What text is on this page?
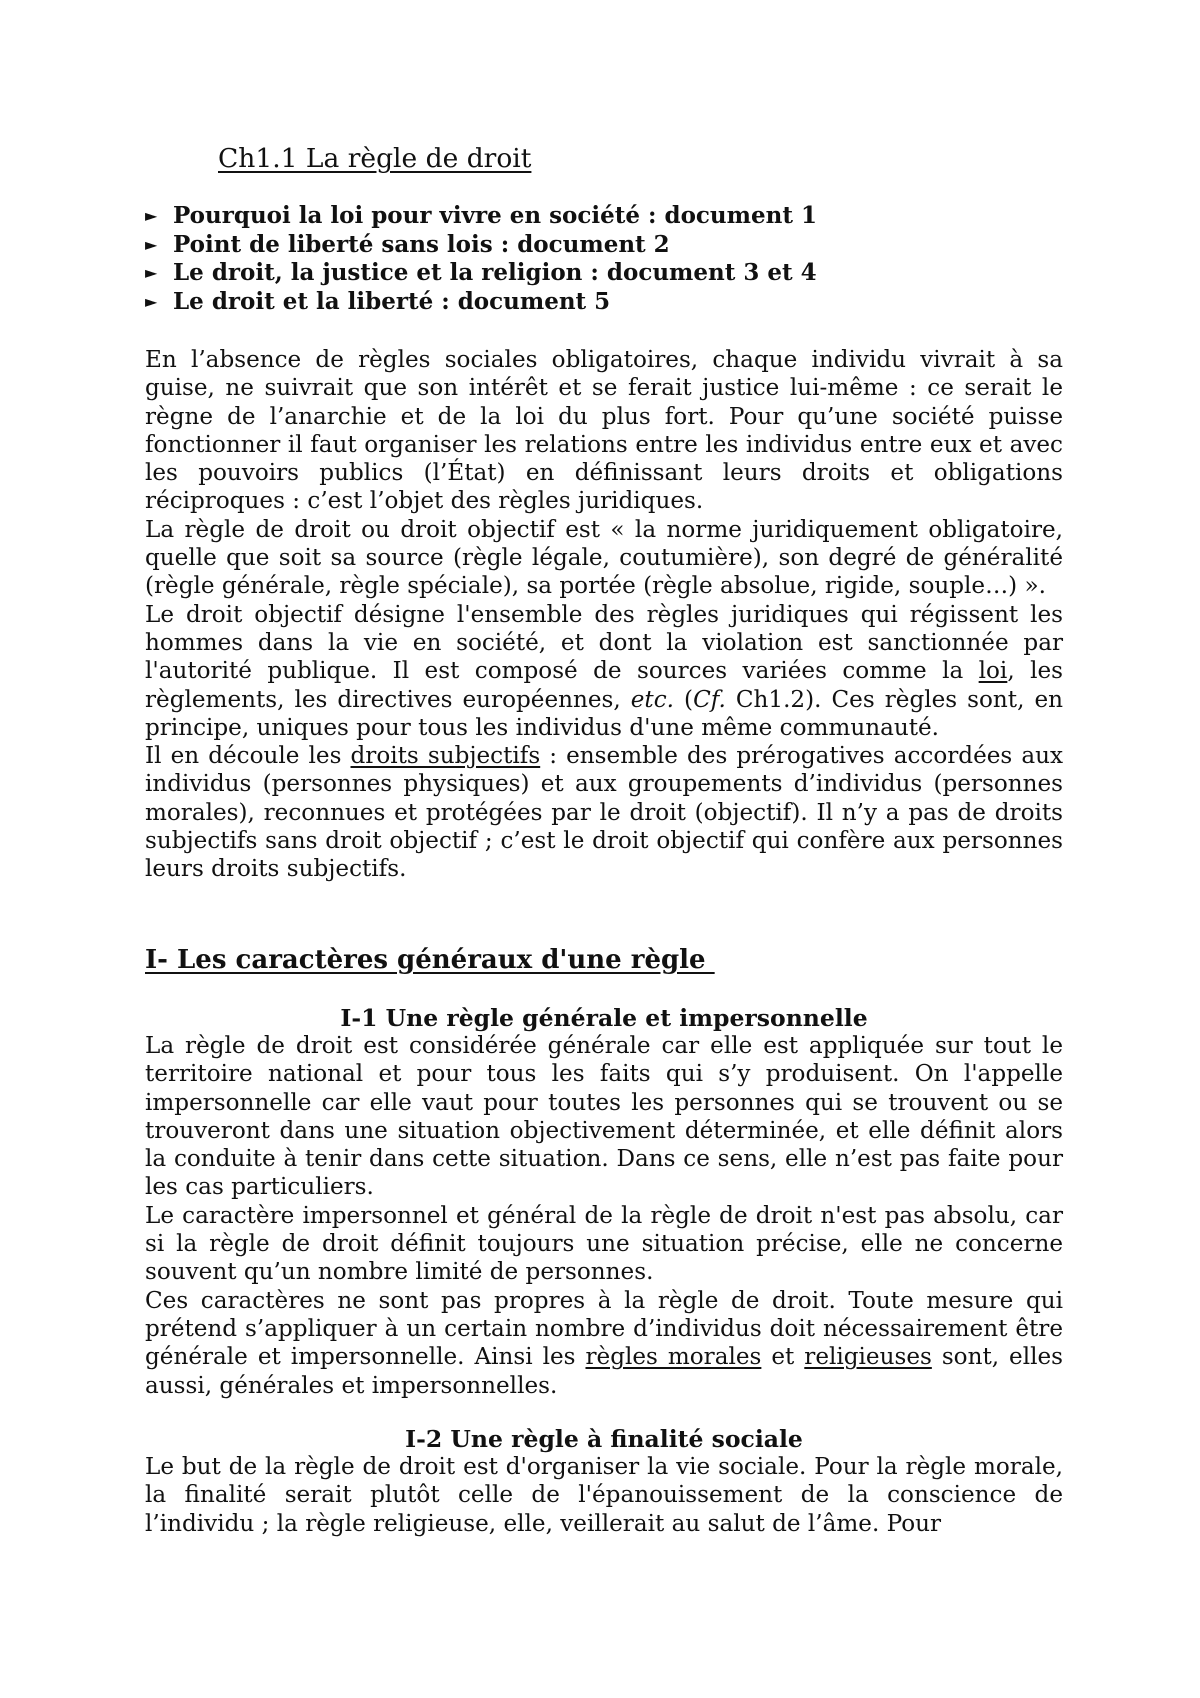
Ch1.1 La règle de droit
► Pourquoi la loi pour vivre en société : document 1
► Point de liberté sans lois : document 2
► Le droit, la justice et la religion : document 3 et 4
► Le droit et la liberté : document 5

En l’absence de règles sociales obligatoires, chaque individu vivrait à sa guise, ne suivrait que son intérêt et se ferait justice lui-même : ce serait le règne de l’anarchie et de la loi du plus fort. Pour qu’une société puisse fonctionner il faut organiser les relations entre les individus entre eux et avec les pouvoirs publics (l’État) en définissant leurs droits et obligations réciproques : c’est l’objet des règles juridiques.

La règle de droit ou droit objectif est « la norme juridiquement obligatoire, quelle que soit sa source (règle légale, coutumière), son degré de généralité (règle générale, règle spéciale), sa portée (règle absolue, rigide, souple…) ».

Le droit objectif désigne l'ensemble des règles juridiques qui régissent les hommes dans la vie en société, et dont la violation est sanctionnée par l'autorité publique. Il est composé de sources variées comme la loi, les règlements, les directives européennes, etc. (Cf. Ch1.2). Ces règles sont, en principe, uniques pour tous les individus d'une même communauté.

Il en découle les droits subjectifs : ensemble des prérogatives accordées aux individus (personnes physiques) et aux groupements d’individus (personnes morales), reconnues et protégées par le droit (objectif). Il n’y a pas de droits subjectifs sans droit objectif ; c’est le droit objectif qui confère aux personnes leurs droits subjectifs.

I- Les caractères généraux d'une règle
I-1 Une règle générale et impersonnelle

La règle de droit est considérée générale car elle est appliquée sur tout le territoire national et pour tous les faits qui s’y produisent. On l'appelle impersonnelle car elle vaut pour toutes les personnes qui se trouvent ou se trouveront dans une situation objectivement déterminée, et elle définit alors la conduite à tenir dans cette situation. Dans ce sens, elle n’est pas faite pour les cas particuliers.

Le caractère impersonnel et général de la règle de droit n'est pas absolu, car si la règle de droit définit toujours une situation précise, elle ne concerne souvent qu’un nombre limité de personnes.

Ces caractères ne sont pas propres à la règle de droit. Toute mesure qui prétend s’appliquer à un certain nombre d’individus doit nécessairement être générale et impersonnelle. Ainsi les règles morales et religieuses sont, elles aussi, générales et impersonnelles.

I-2 Une règle à finalité sociale

Le but de la règle de droit est d'organiser la vie sociale. Pour la règle morale, la finalité serait plutôt celle de l'épanouissement de la conscience de l’individu ; la règle religieuse, elle, veillerait au salut de l’âme. Pour
